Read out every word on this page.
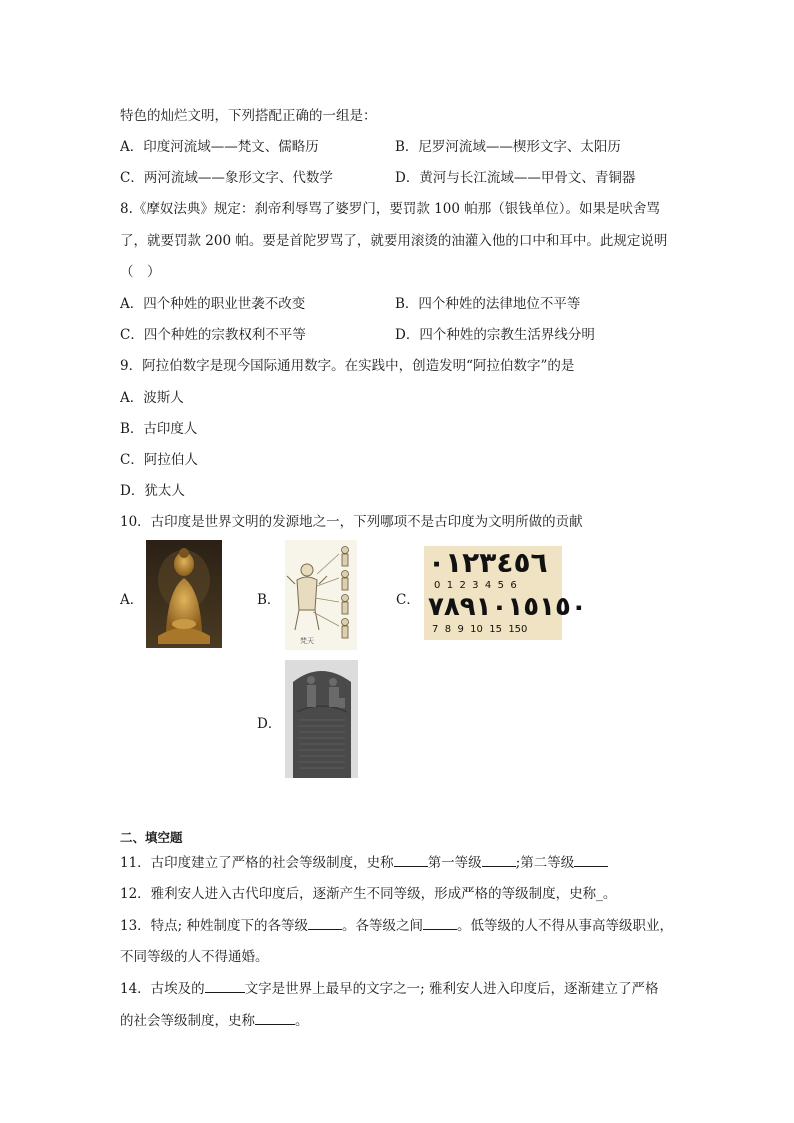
特色的灿烂文明，下列搭配正确的一组是：
A．印度河流域——梵文、儒略历	B．尼罗河流域——楔形文字、太阳历
C．两河流域——象形文字、代数学	D．黄河与长江流域——甲骨文、青铜器
8.《摩奴法典》规定：刹帝利辱骂了婆罗门，要罚款 100 帕那（银钱单位）。如果是吠舍骂
了，就要罚款 200 帕。要是首陀罗骂了，就要用滚烫的油灌入他的口中和耳中。此规定说明
（　）
A．四个种姓的职业世袭不改变	B．四个种姓的法律地位不平等
C．四个种姓的宗教权利不平等	D．四个种姓的宗教生活界线分明
9．阿拉伯数字是现今国际通用数字。在实践中，创造发明“阿拉伯数字”的是
A．波斯人
B．古印度人
C．阿拉伯人
D．犹太人
10．古印度是世界文明的发源地之一，下列哪项不是古印度为文明所做的贡献
A．	B．
梵天
C．
٠١٢٣٤٥٦
0  1  2  3  4  5  6
٧٨٩١٠١٥١٥٠
7  8  9  10  15  150
D．
二、填空题
11．古印度建立了严格的社会等级制度，史称	第一等级	;第二等级
12．雅利安人进入古代印度后，逐渐产生不同等级，形成严格的等级制度，史称_。
13．特点; 种姓制度下的各等级	。各等级之间	。低等级的人不得从事高等级职业，
不同等级的人不得通婚。
14．古埃及的	文字是世界上最早的文字之一; 雅利安人进入印度后，逐渐建立了严格
的社会等级制度，史称	。
